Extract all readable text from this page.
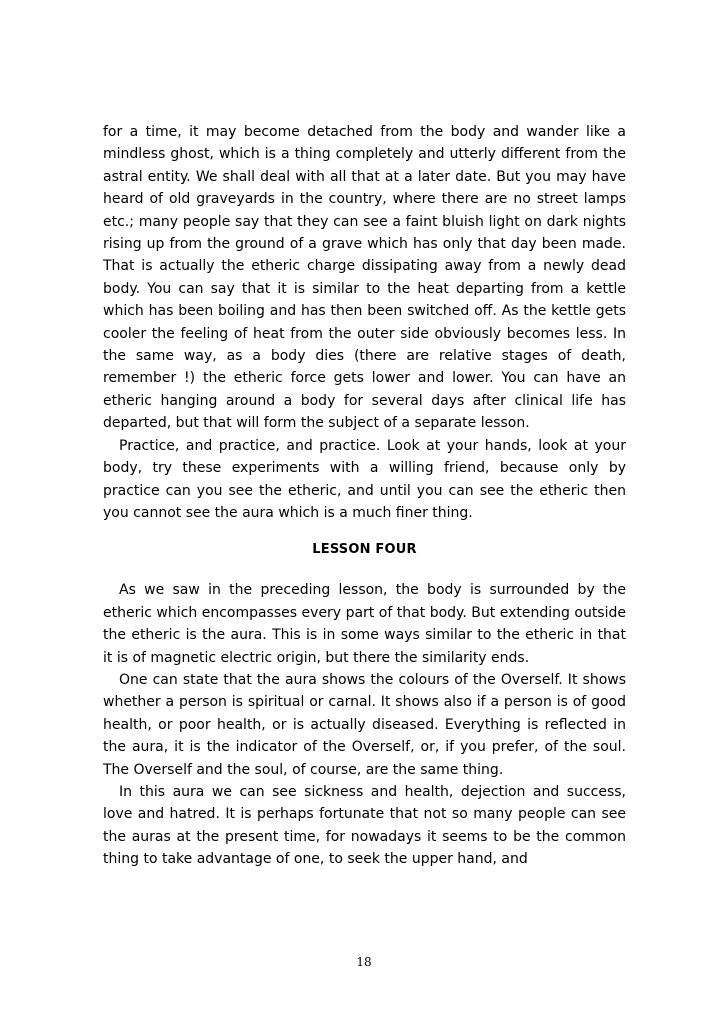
for a time, it may become detached from the body and wander like a mindless ghost, which is a thing completely and utterly different from the astral entity. We shall deal with all that at a later date. But you may have heard of old graveyards in the country, where there are no street lamps etc.; many people say that they can see a faint bluish light on dark nights rising up from the ground of a grave which has only that day been made. That is actually the etheric charge dissipating away from a newly dead body. You can say that it is similar to the heat departing from a kettle which has been boiling and has then been switched off. As the kettle gets cooler the feeling of heat from the outer side obviously becomes less. In the same way, as a body dies (there are relative stages of death, remember !) the etheric force gets lower and lower. You can have an etheric hanging around a body for several days after clinical life has departed, but that will form the subject of a separate lesson.

Practice, and practice, and practice. Look at your hands, look at your body, try these experiments with a willing friend, because only by practice can you see the etheric, and until you can see the etheric then you cannot see the aura which is a much finer thing.

LESSON FOUR

As we saw in the preceding lesson, the body is surrounded by the etheric which encompasses every part of that body. But extending outside the etheric is the aura. This is in some ways similar to the etheric in that it is of magnetic electric origin, but there the similarity ends.

One can state that the aura shows the colours of the Overself. It shows whether a person is spiritual or carnal. It shows also if a person is of good health, or poor health, or is actually diseased. Everything is reflected in the aura, it is the indicator of the Overself, or, if you prefer, of the soul. The Overself and the soul, of course, are the same thing.

In this aura we can see sickness and health, dejection and success, love and hatred. It is perhaps fortunate that not so many people can see the auras at the present time, for nowadays it seems to be the common thing to take advantage of one, to seek the upper hand, and

18
